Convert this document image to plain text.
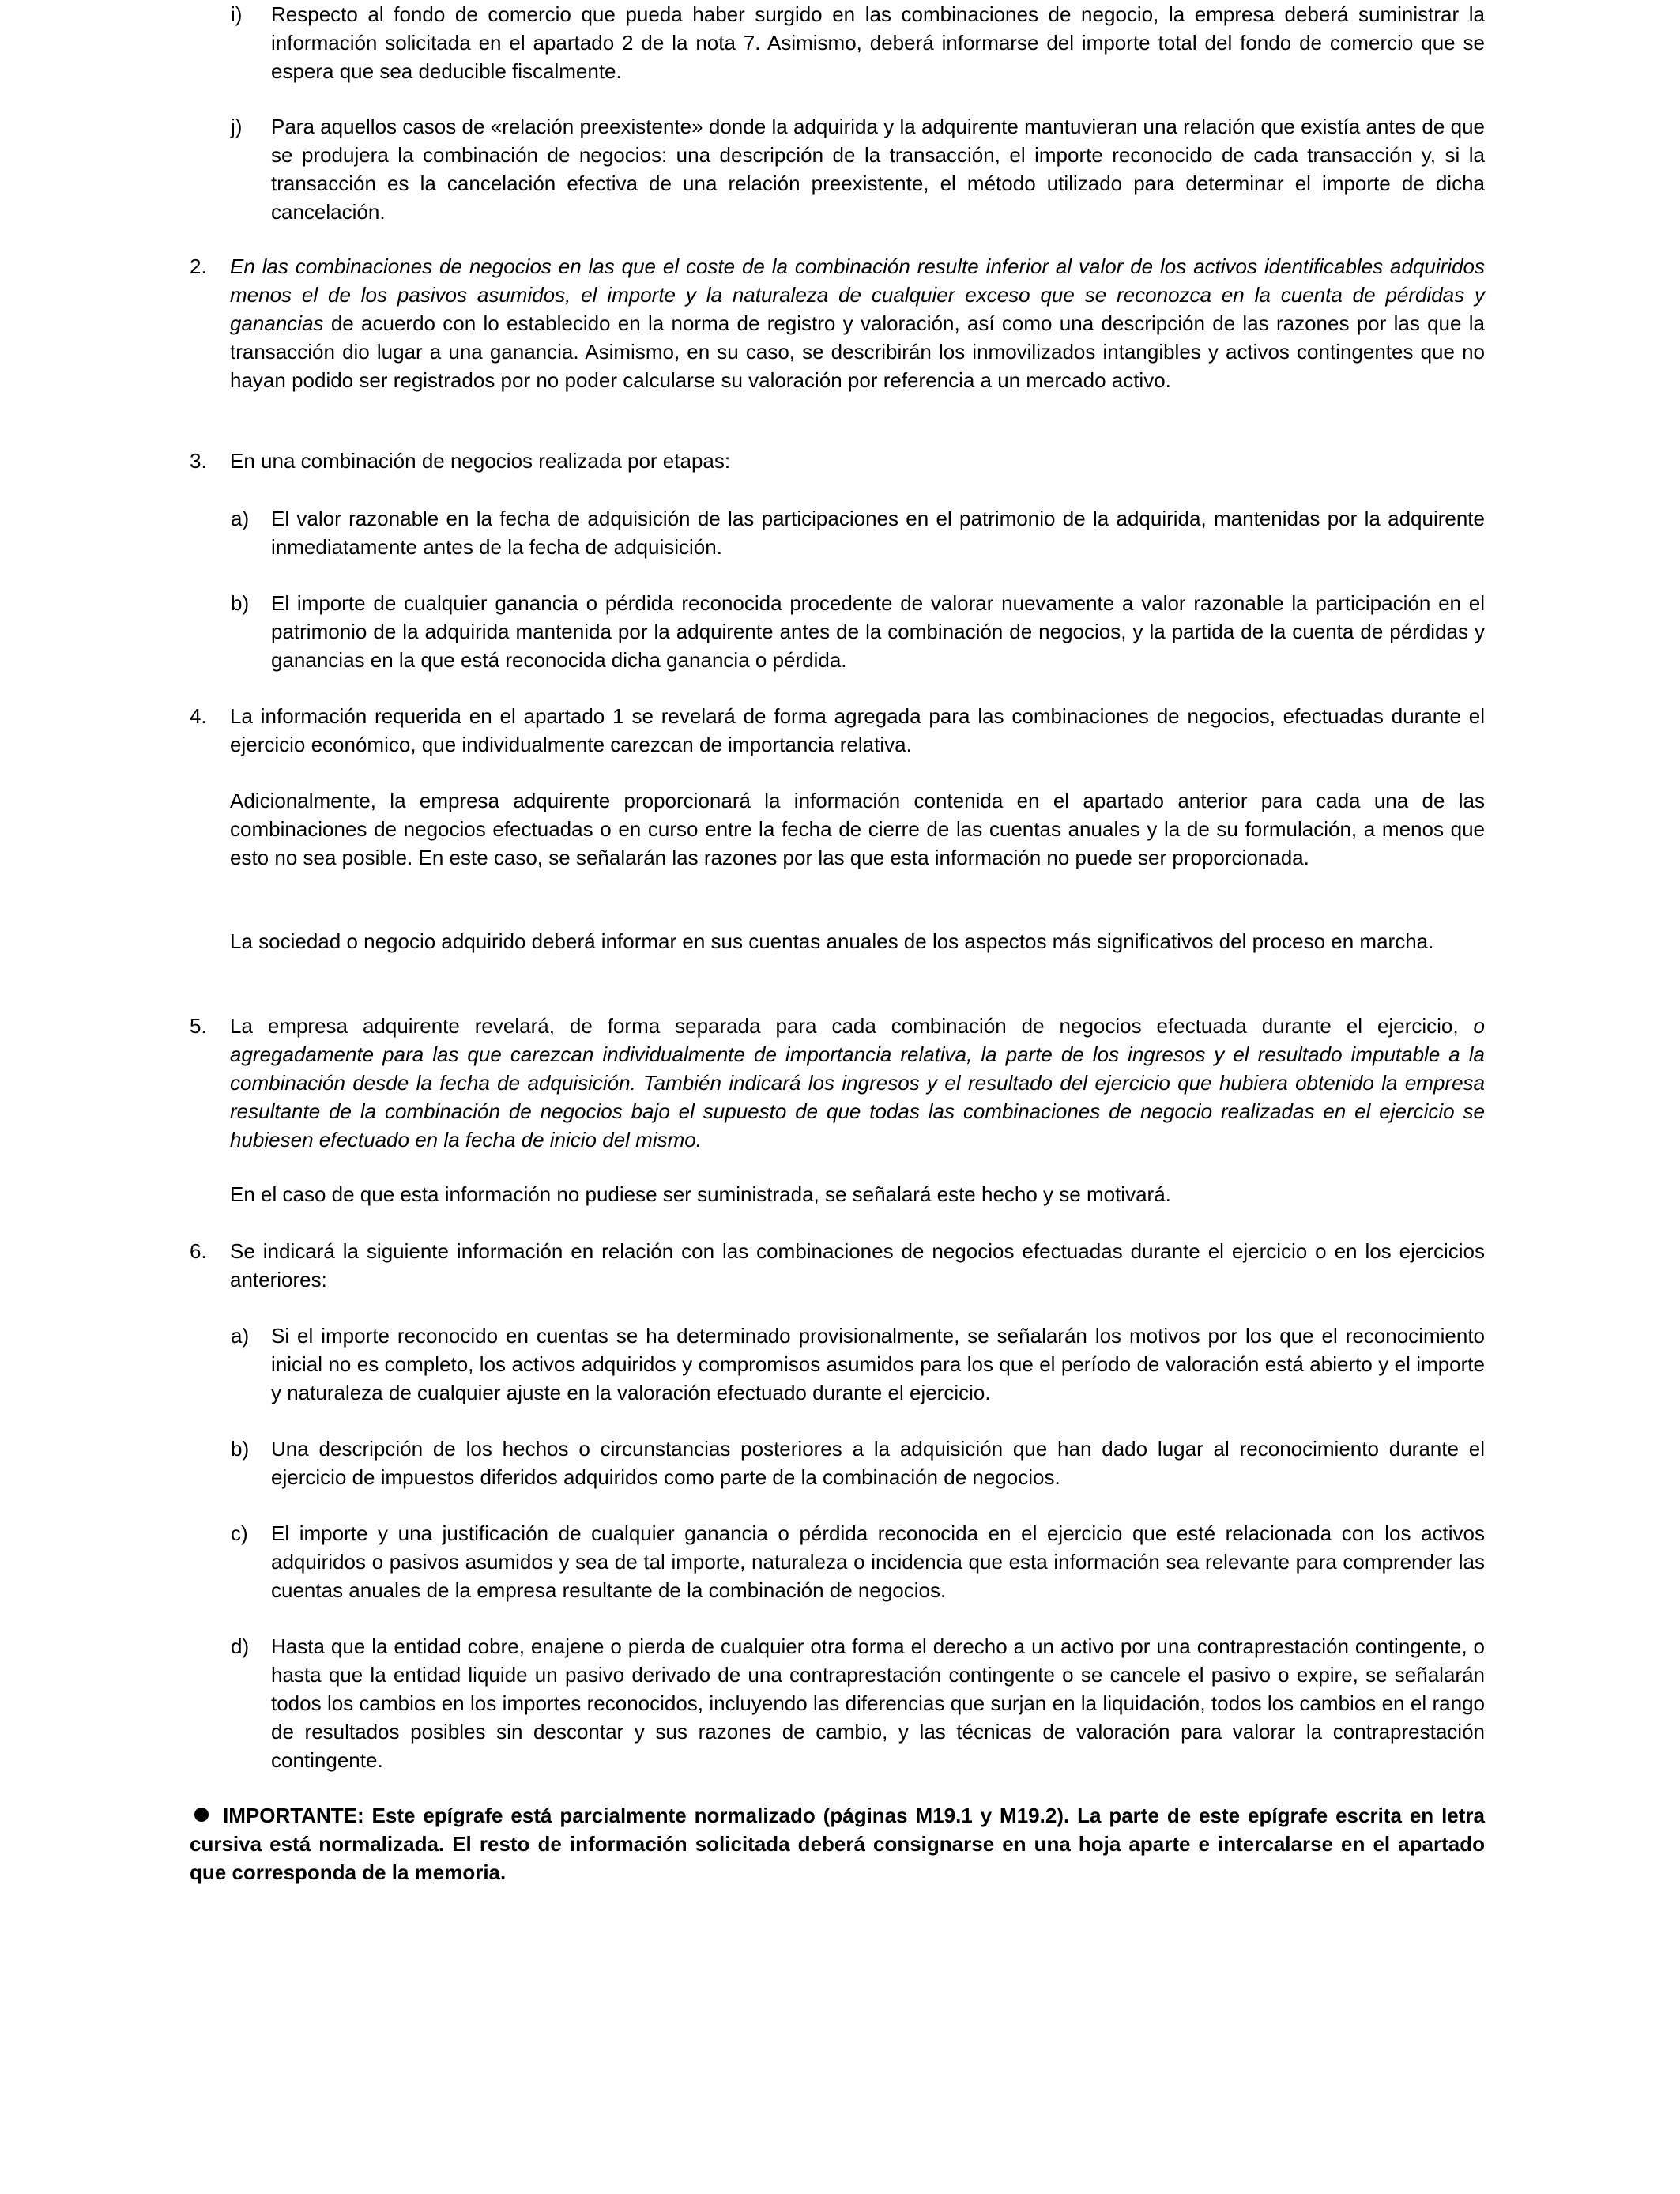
i) Respecto al fondo de comercio que pueda haber surgido en las combinaciones de negocio, la empresa deberá suministrar la información solicitada en el apartado 2 de la nota 7. Asimismo, deberá informarse del importe total del fondo de comercio que se espera que sea deducible fiscalmente.
j) Para aquellos casos de «relación preexistente» donde la adquirida y la adquirente mantuvieran una relación que existía antes de que se produjera la combinación de negocios: una descripción de la transacción, el importe reconocido de cada transacción y, si la transacción es la cancelación efectiva de una relación preexistente, el método utilizado para determinar el importe de dicha cancelación.
2. En las combinaciones de negocios en las que el coste de la combinación resulte inferior al valor de los activos identificables adquiridos menos el de los pasivos asumidos, el importe y la naturaleza de cualquier exceso que se reconozca en la cuenta de pérdidas y ganancias de acuerdo con lo establecido en la norma de registro y valoración, así como una descripción de las razones por las que la transacción dio lugar a una ganancia. Asimismo, en su caso, se describirán los inmovilizados intangibles y activos contingentes que no hayan podido ser registrados por no poder calcularse su valoración por referencia a un mercado activo.
3. En una combinación de negocios realizada por etapas:
a) El valor razonable en la fecha de adquisición de las participaciones en el patrimonio de la adquirida, mantenidas por la adquirente inmediatamente antes de la fecha de adquisición.
b) El importe de cualquier ganancia o pérdida reconocida procedente de valorar nuevamente a valor razonable la participación en el patrimonio de la adquirida mantenida por la adquirente antes de la combinación de negocios, y la partida de la cuenta de pérdidas y ganancias en la que está reconocida dicha ganancia o pérdida.
4. La información requerida en el apartado 1 se revelará de forma agregada para las combinaciones de negocios, efectuadas durante el ejercicio económico, que individualmente carezcan de importancia relativa.
Adicionalmente, la empresa adquirente proporcionará la información contenida en el apartado anterior para cada una de las combinaciones de negocios efectuadas o en curso entre la fecha de cierre de las cuentas anuales y la de su formulación, a menos que esto no sea posible. En este caso, se señalarán las razones por las que esta información no puede ser proporcionada.
La sociedad o negocio adquirido deberá informar en sus cuentas anuales de los aspectos más significativos del proceso en marcha.
5. La empresa adquirente revelará, de forma separada para cada combinación de negocios efectuada durante el ejercicio, o agregadamente para las que carezcan individualmente de importancia relativa, la parte de los ingresos y el resultado imputable a la combinación desde la fecha de adquisición. También indicará los ingresos y el resultado del ejercicio que hubiera obtenido la empresa resultante de la combinación de negocios bajo el supuesto de que todas las combinaciones de negocio realizadas en el ejercicio se hubiesen efectuado en la fecha de inicio del mismo.
En el caso de que esta información no pudiese ser suministrada, se señalará este hecho y se motivará.
6. Se indicará la siguiente información en relación con las combinaciones de negocios efectuadas durante el ejercicio o en los ejercicios anteriores:
a) Si el importe reconocido en cuentas se ha determinado provisionalmente, se señalarán los motivos por los que el reconocimiento inicial no es completo, los activos adquiridos y compromisos asumidos para los que el período de valoración está abierto y el importe y naturaleza de cualquier ajuste en la valoración efectuado durante el ejercicio.
b) Una descripción de los hechos o circunstancias posteriores a la adquisición que han dado lugar al reconocimiento durante el ejercicio de impuestos diferidos adquiridos como parte de la combinación de negocios.
c) El importe y una justificación de cualquier ganancia o pérdida reconocida en el ejercicio que esté relacionada con los activos adquiridos o pasivos asumidos y sea de tal importe, naturaleza o incidencia que esta información sea relevante para comprender las cuentas anuales de la empresa resultante de la combinación de negocios.
d) Hasta que la entidad cobre, enajene o pierda de cualquier otra forma el derecho a un activo por una contraprestación contingente, o hasta que la entidad liquide un pasivo derivado de una contraprestación contingente o se cancele el pasivo o expire, se señalarán todos los cambios en los importes reconocidos, incluyendo las diferencias que surjan en la liquidación, todos los cambios en el rango de resultados posibles sin descontar y sus razones de cambio, y las técnicas de valoración para valorar la contraprestación contingente.
IMPORTANTE: Este epígrafe está parcialmente normalizado (páginas M19.1 y M19.2). La parte de este epígrafe escrita en letra cursiva está normalizada. El resto de información solicitada deberá consignarse en una hoja aparte e intercalarse en el apartado que corresponda de la memoria.
